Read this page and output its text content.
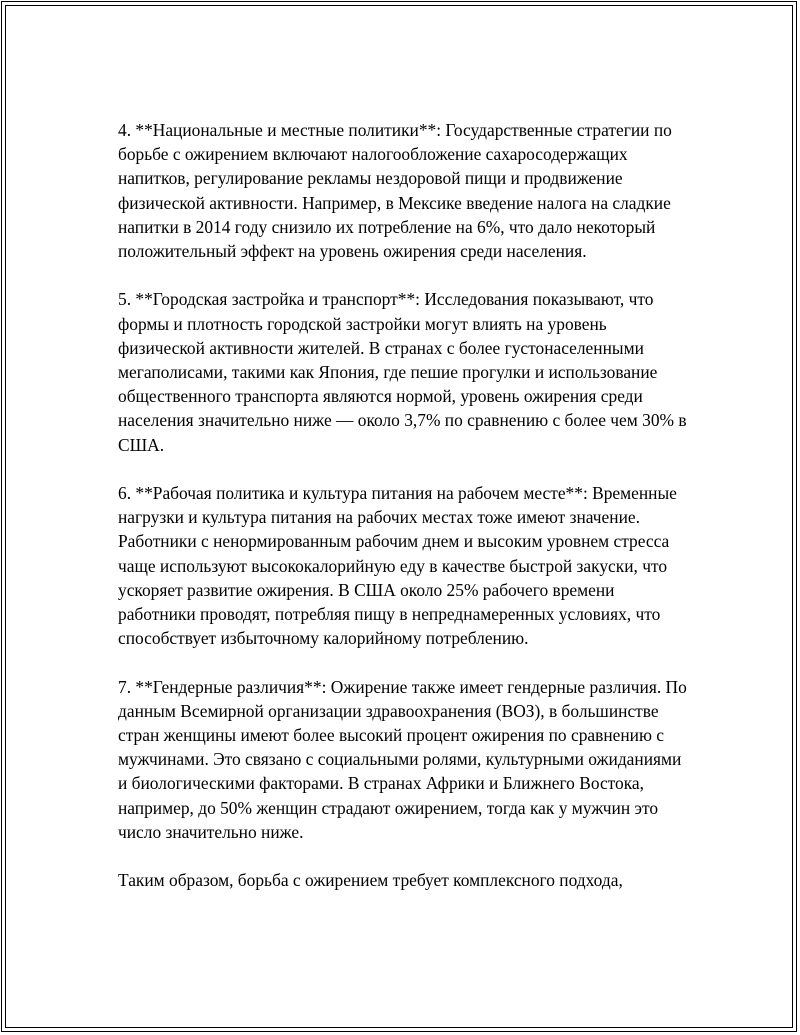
4. **Национальные и местные политики**: Государственные стратегии по борьбе с ожирением включают налогообложение сахаросодержащих напитков, регулирование рекламы нездоровой пищи и продвижение физической активности. Например, в Мексике введение налога на сладкие напитки в 2014 году снизило их потребление на 6%, что дало некоторый положительный эффект на уровень ожирения среди населения.

5. **Городская застройка и транспорт**: Исследования показывают, что формы и плотность городской застройки могут влиять на уровень физической активности жителей. В странах с более густонаселенными мегаполисами, такими как Япония, где пешие прогулки и использование общественного транспорта являются нормой, уровень ожирения среди населения значительно ниже — около 3,7% по сравнению с более чем 30% в США.

6. **Рабочая политика и культура питания на рабочем месте**: Временные нагрузки и культура питания на рабочих местах тоже имеют значение. Работники с ненормированным рабочим днем и высоким уровнем стресса чаще используют высококалорийную еду в качестве быстрой закуски, что ускоряет развитие ожирения. В США около 25% рабочего времени работники проводят, потребляя пищу в непреднамеренных условиях, что способствует избыточному калорийному потреблению.

7. **Гендерные различия**: Ожирение также имеет гендерные различия. По данным Всемирной организации здравоохранения (ВОЗ), в большинстве стран женщины имеют более высокий процент ожирения по сравнению с мужчинами. Это связано с социальными ролями, культурными ожиданиями и биологическими факторами. В странах Африки и Ближнего Востока, например, до 50% женщин страдают ожирением, тогда как у мужчин это число значительно ниже.

Таким образом, борьба с ожирением требует комплексного подхода,
